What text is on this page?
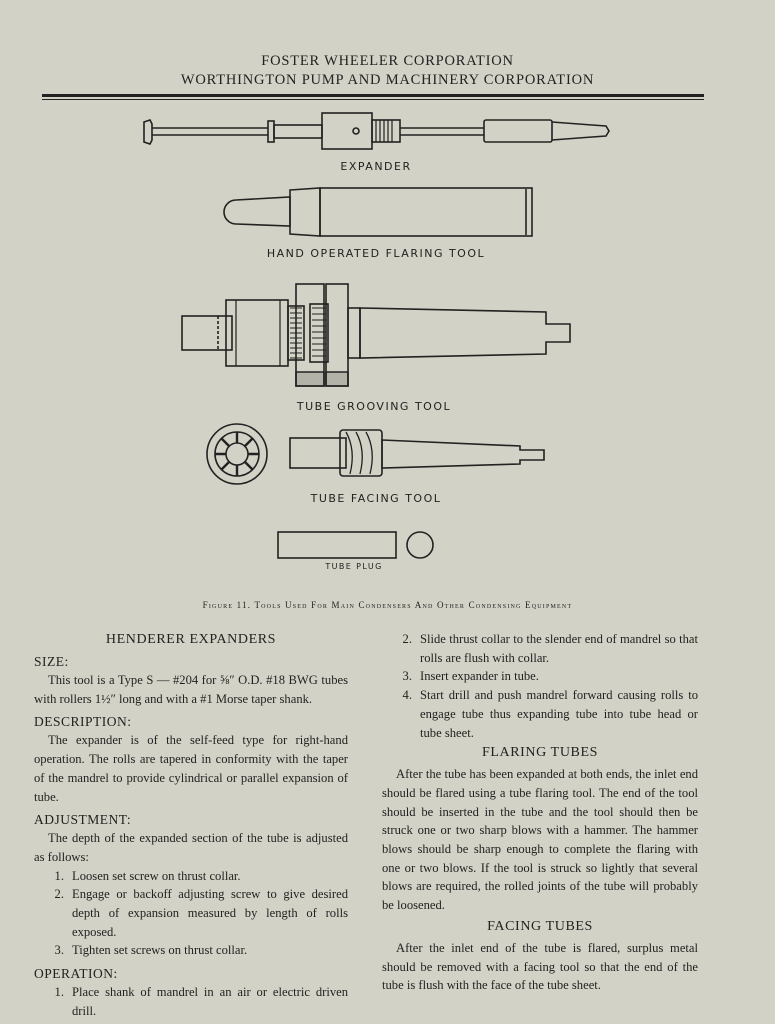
FOSTER WHEELER CORPORATION
WORTHINGTON PUMP AND MACHINERY CORPORATION
EXPANDER
HAND OPERATED FLARING TOOL
TUBE GROOVING TOOL
TUBE FACING TOOL
TUBE PLUG
Figure 11. Tools Used For Main Condensers And Other Condensing Equipment
HENDERER EXPANDERS
SIZE:

This tool is a Type S — #204 for ⅝″ O.D. #18 BWG tubes with rollers 1½″ long and with a #1 Morse taper shank.

DESCRIPTION:

The expander is of the self-feed type for right-hand operation. The rolls are tapered in conformity with the taper of the mandrel to provide cylindrical or parallel expansion of tube.

ADJUSTMENT:

The depth of the expanded section of the tube is adjusted as follows:

1. Loosen set screw on thrust collar.
2. Engage or backoff adjusting screw to give desired depth of expansion measured by length of rolls exposed.
3. Tighten set screws on thrust collar.
OPERATION:
1. Place shank of mandrel in an air or electric driven drill.
2. Slide thrust collar to the slender end of mandrel so that rolls are flush with collar.
3. Insert expander in tube.
4. Start drill and push mandrel forward causing rolls to engage tube thus expanding tube into tube head or tube sheet.
FLARING TUBES

After the tube has been expanded at both ends, the inlet end should be flared using a tube flaring tool. The end of the tool should be inserted in the tube and the tool should then be struck one or two sharp blows with a hammer. The hammer blows should be sharp enough to complete the flaring with one or two blows. If the tool is struck so lightly that several blows are required, the rolled joints of the tube will probably be loosened.

FACING TUBES

After the inlet end of the tube is flared, surplus metal should be removed with a facing tool so that the end of the tube is flush with the face of the tube sheet.
